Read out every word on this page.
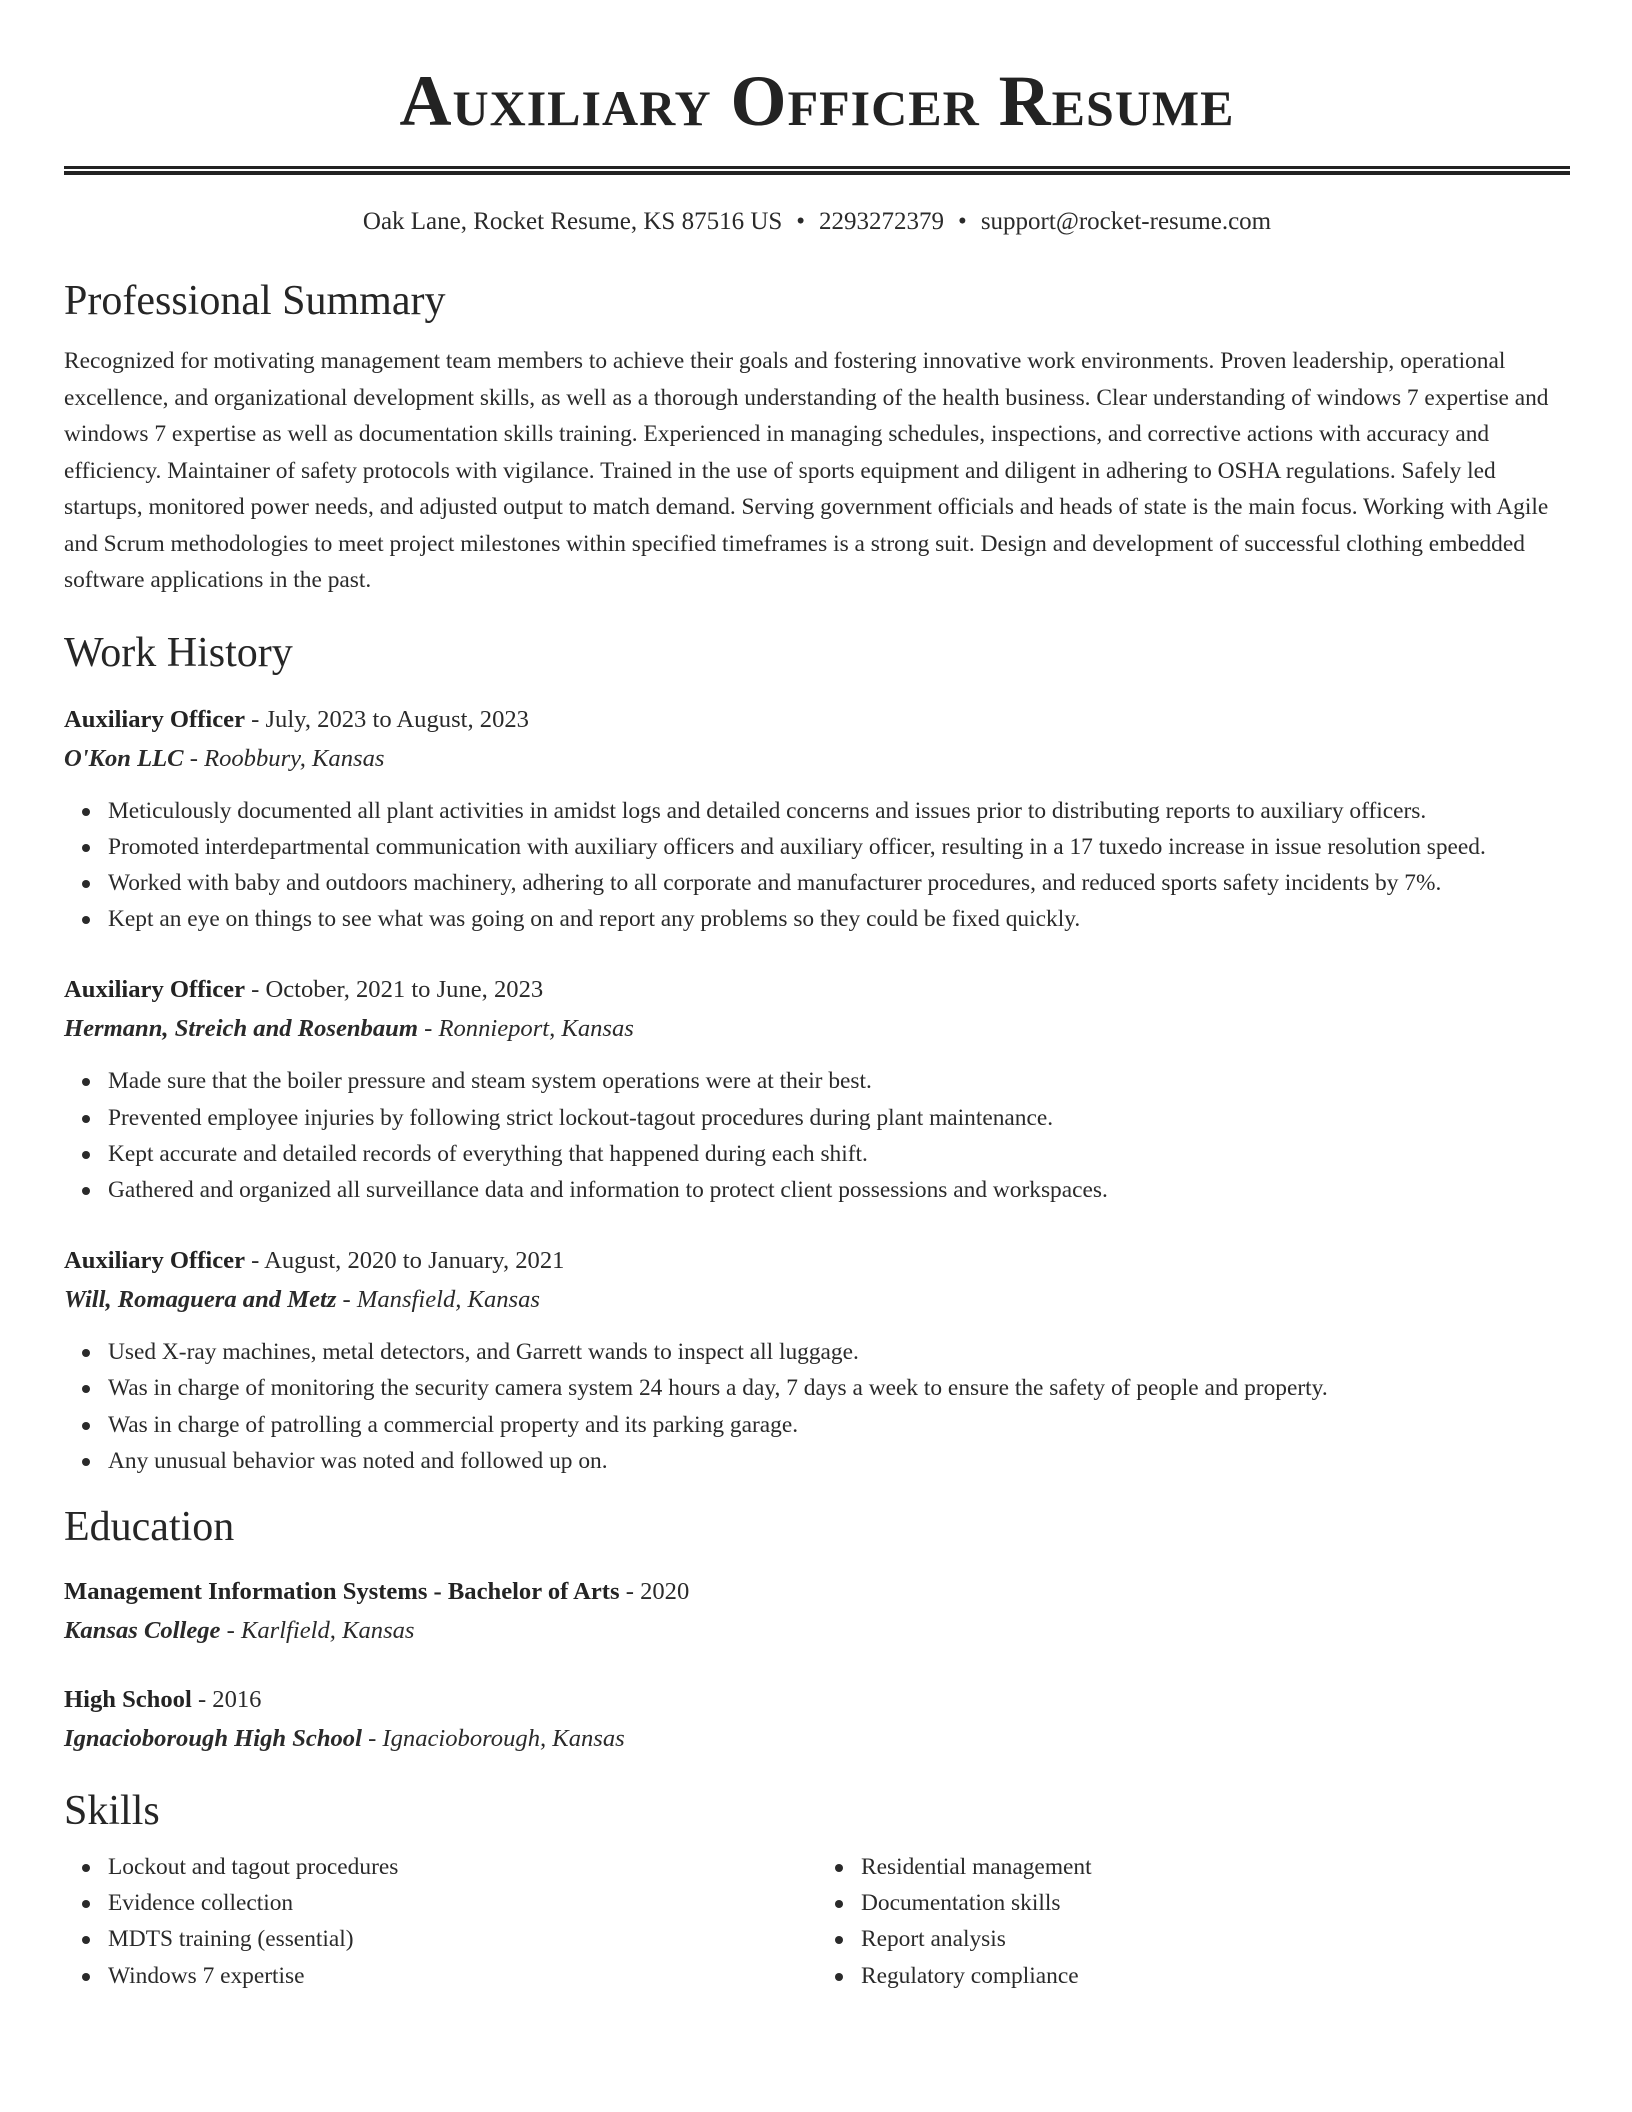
Auxiliary Officer Resume
Oak Lane, Rocket Resume, KS 87516 US • 2293272379 • support@rocket-resume.com
Professional Summary

Recognized for motivating management team members to achieve their goals and fostering innovative work environments. Proven leadership, operational excellence, and organizational development skills, as well as a thorough understanding of the health business. Clear understanding of windows 7 expertise and windows 7 expertise as well as documentation skills training. Experienced in managing schedules, inspections, and corrective actions with accuracy and efficiency. Maintainer of safety protocols with vigilance. Trained in the use of sports equipment and diligent in adhering to OSHA regulations. Safely led startups, monitored power needs, and adjusted output to match demand. Serving government officials and heads of state is the main focus. Working with Agile and Scrum methodologies to meet project milestones within specified timeframes is a strong suit. Design and development of successful clothing embedded software applications in the past.

Work History
Auxiliary Officer - July, 2023 to August, 2023
O'Kon LLC - Roobbury, Kansas
Meticulously documented all plant activities in amidst logs and detailed concerns and issues prior to distributing reports to auxiliary officers.
Promoted interdepartmental communication with auxiliary officers and auxiliary officer, resulting in a 17 tuxedo increase in issue resolution speed.
Worked with baby and outdoors machinery, adhering to all corporate and manufacturer procedures, and reduced sports safety incidents by 7%.
Kept an eye on things to see what was going on and report any problems so they could be fixed quickly.
Auxiliary Officer - October, 2021 to June, 2023
Hermann, Streich and Rosenbaum - Ronnieport, Kansas
Made sure that the boiler pressure and steam system operations were at their best.
Prevented employee injuries by following strict lockout-tagout procedures during plant maintenance.
Kept accurate and detailed records of everything that happened during each shift.
Gathered and organized all surveillance data and information to protect client possessions and workspaces.
Auxiliary Officer - August, 2020 to January, 2021
Will, Romaguera and Metz - Mansfield, Kansas
Used X-ray machines, metal detectors, and Garrett wands to inspect all luggage.
Was in charge of monitoring the security camera system 24 hours a day, 7 days a week to ensure the safety of people and property.
Was in charge of patrolling a commercial property and its parking garage.
Any unusual behavior was noted and followed up on.
Education
Management Information Systems - Bachelor of Arts - 2020
Kansas College - Karlfield, Kansas
High School - 2016
Ignacioborough High School - Ignacioborough, Kansas
Skills
Lockout and tagout procedures
Evidence collection
MDTS training (essential)
Windows 7 expertise
Residential management
Documentation skills
Report analysis
Regulatory compliance
